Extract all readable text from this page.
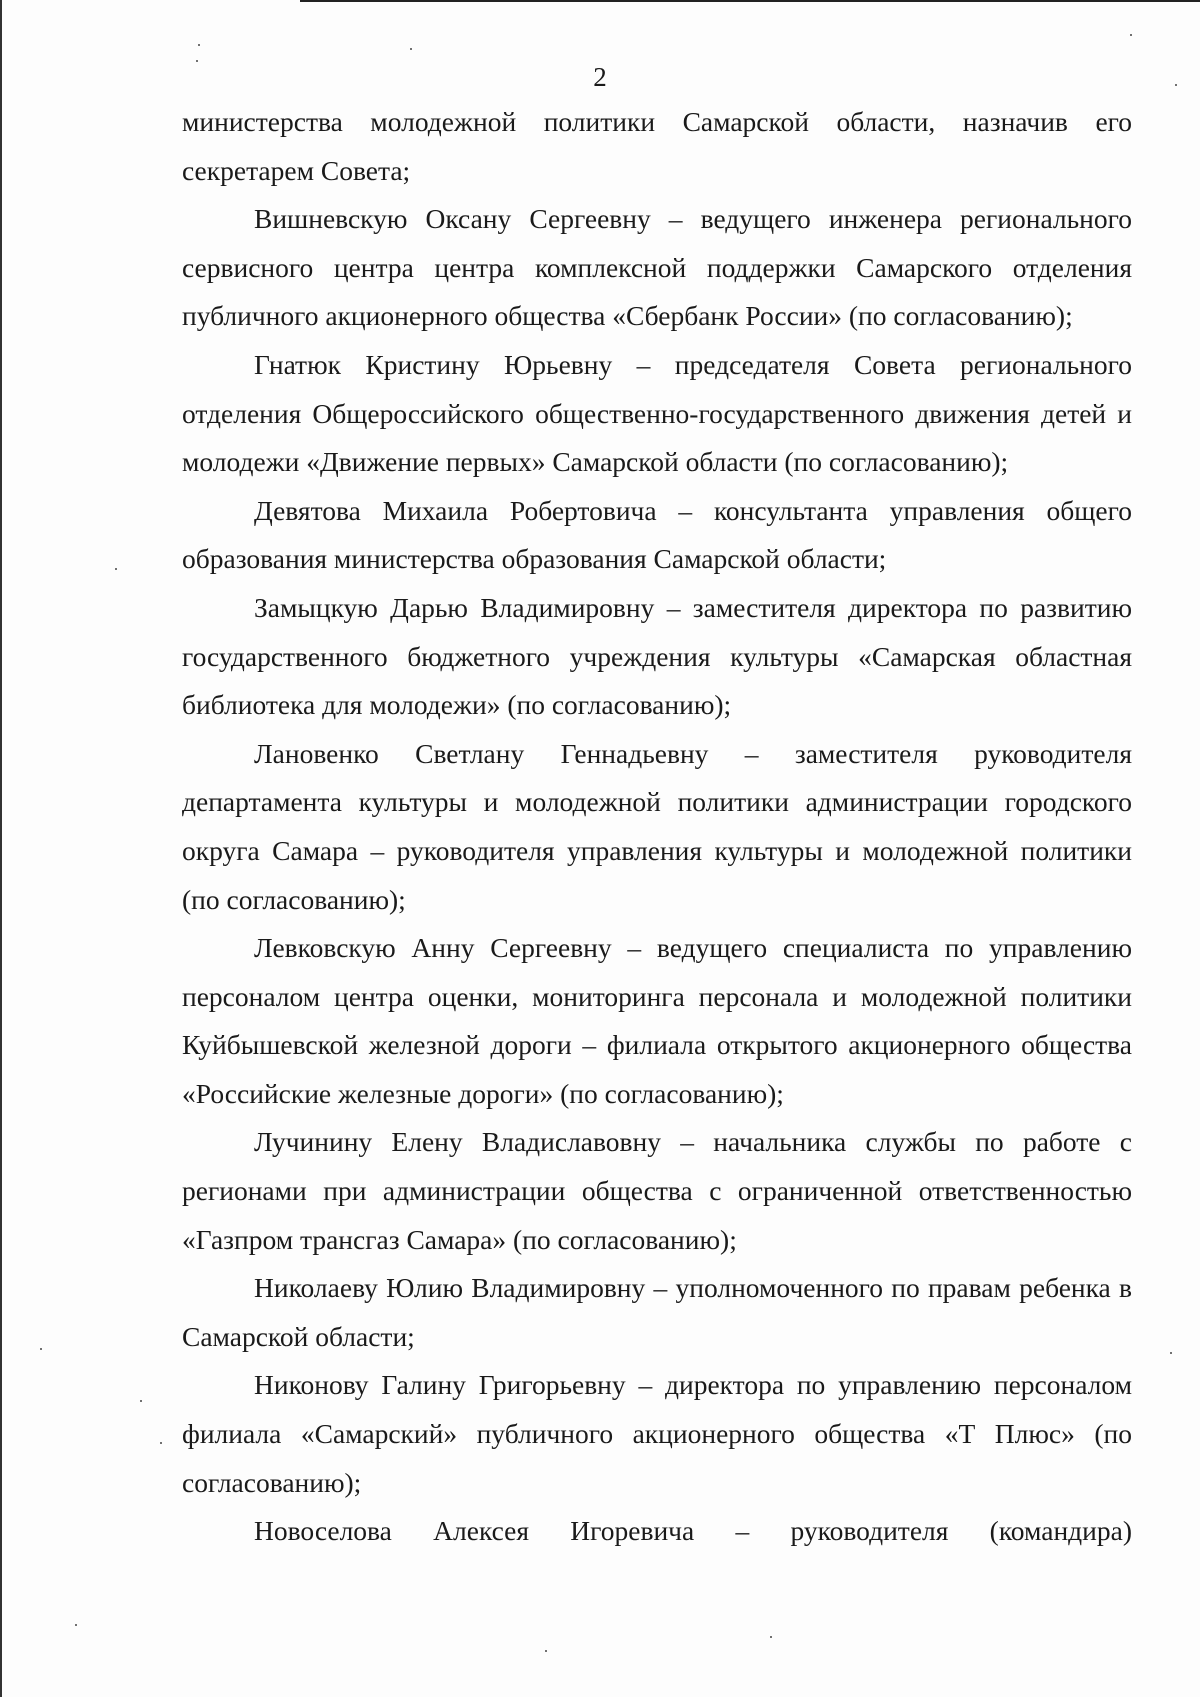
2

министерства молодежной политики Самарской области, назначив его секретарем Совета;

Вишневскую Оксану Сергеевну – ведущего инженера регионального сервисного центра центра комплексной поддержки Самарского отделения публичного акционерного общества «Сбербанк России» (по согласованию);

Гнатюк Кристину Юрьевну – председателя Совета регионального отделения Общероссийского общественно-государственного движения детей и молодежи «Движение первых» Самарской области (по согласованию);

Девятова Михаила Робертовича – консультанта управления общего образования министерства образования Самарской области;

Замыцкую Дарью Владимировну – заместителя директора по развитию государственного бюджетного учреждения культуры «Самарская областная библиотека для молодежи» (по согласованию);

Лановенко Светлану Геннадьевну – заместителя руководителя департамента культуры и молодежной политики администрации городского округа Самара – руководителя управления культуры и молодежной политики (по согласованию);

Левковскую Анну Сергеевну – ведущего специалиста по управлению персоналом центра оценки, мониторинга персонала и молодежной политики Куйбышевской железной дороги – филиала открытого акционерного общества «Российские железные дороги» (по согласованию);

Лучинину Елену Владиславовну – начальника службы по работе с регионами при администрации общества с ограниченной ответственностью «Газпром трансгаз Самара» (по согласованию);

Николаеву Юлию Владимировну – уполномоченного по правам ребенка в Самарской области;

Никонову Галину Григорьевну – директора по управлению персоналом филиала «Самарский» публичного акционерного общества «Т Плюс» (по согласованию);

Новоселова Алексея Игоревича – руководителя (командира)
